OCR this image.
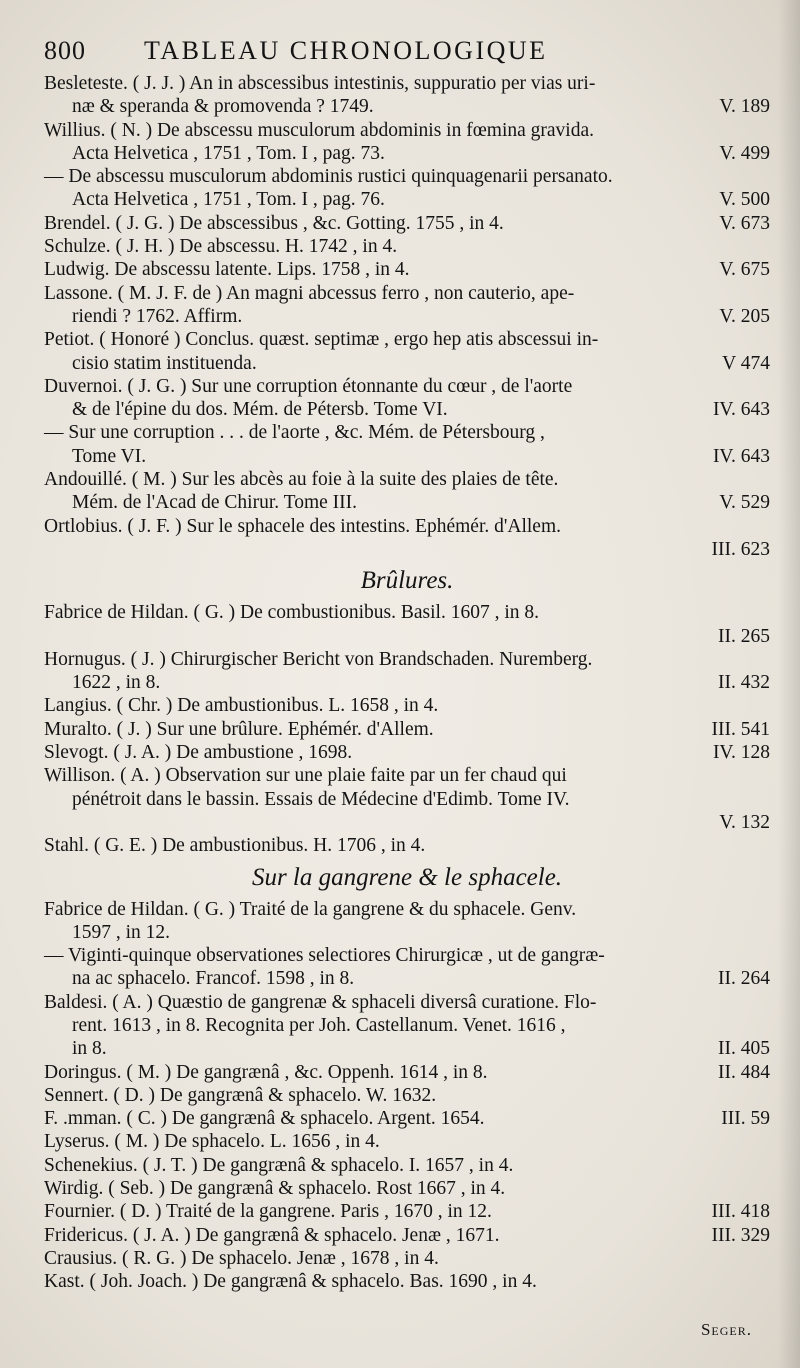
800	TABLEAU CHRONOLOGIQUE
Besleteste. ( J. J. ) An in abscessibus intestinis, suppuratio per vias uri-
næ & speranda & promovenda ? 1749.	V. 189
Willius. ( N. ) De abscessu musculorum abdominis in fœmina gravida.
Acta Helvetica , 1751 , Tom. I , pag. 73.	V. 499
— De abscessu musculorum abdominis rustici quinquagenarii persanato.
Acta Helvetica , 1751 , Tom. I , pag. 76.	V. 500
Brendel. ( J. G. ) De abscessibus , &c. Gotting. 1755 , in 4.	V. 673
Schulze. ( J. H. ) De abscessu. H. 1742 , in 4.
Ludwig. De abscessu latente. Lips. 1758 , in 4.	V. 675
Lassone. ( M. J. F. de ) An magni abcessus ferro , non cauterio, ape-
riendi ? 1762. Affirm.	V. 205
Petiot. ( Honoré ) Conclus. quæst. septimæ , ergo hep atis abscessui in-
cisio statim instituenda.	V 474
Duvernoi. ( J. G. ) Sur une corruption étonnante du cœur , de l'aorte
& de l'épine du dos. Mém. de Pétersb. Tome VI.	IV. 643
— Sur une corruption . . . de l'aorte , &c. Mém. de Pétersbourg ,
Tome VI.	IV. 643
Andouillé. ( M. ) Sur les abcès au foie à la suite des plaies de tête.
Mém. de l'Acad de Chirur. Tome III.	V. 529
Ortlobius. ( J. F. ) Sur le sphacele des intestins. Ephémér. d'Allem.
III. 623
Brûlures.
Fabrice de Hildan. ( G. ) De combustionibus. Basil. 1607 , in 8.
II. 265
Hornugus. ( J. ) Chirurgischer Bericht von Brandschaden. Nuremberg.
1622 , in 8.	II. 432
Langius. ( Chr. ) De ambustionibus. L. 1658 , in 4.
Muralto. ( J. ) Sur une brûlure. Ephémér. d'Allem.	III. 541
Slevogt. ( J. A. ) De ambustione , 1698.	IV. 128
Willison. ( A. ) Observation sur une plaie faite par un fer chaud qui
pénétroit dans le bassin. Essais de Médecine d'Edimb. Tome IV.
V. 132
Stahl. ( G. E. ) De ambustionibus. H. 1706 , in 4.
Sur la gangrene & le sphacele.
Fabrice de Hildan. ( G. ) Traité de la gangrene & du sphacele. Genv.
1597 , in 12.
— Viginti-quinque observationes selectiores Chirurgicæ , ut de gangræ-
na ac sphacelo. Francof. 1598 , in 8.	II. 264
Baldesi. ( A. ) Quæstio de gangrenæ & sphaceli diversâ curatione. Flo-
rent. 1613 , in 8. Recognita per Joh. Castellanum. Venet. 1616 ,
in 8.	II. 405
Doringus. ( M. ) De gangrænâ , &c. Oppenh. 1614 , in 8.	II. 484
Sennert. ( D. ) De gangrænâ & sphacelo. W. 1632.
F. .mman. ( C. ) De gangrænâ & sphacelo. Argent. 1654.	III. 59
Lyserus. ( M. ) De sphacelo. L. 1656 , in 4.
Schenekius. ( J. T. ) De gangrænâ & sphacelo. I. 1657 , in 4.
Wirdig. ( Seb. ) De gangrænâ & sphacelo. Rost 1667 , in 4.
Fournier. ( D. ) Traité de la gangrene. Paris , 1670 , in 12.	III. 418
Fridericus. ( J. A. ) De gangrænâ & sphacelo. Jenæ , 1671.	III. 329
Crausius. ( R. G. ) De sphacelo. Jenæ , 1678 , in 4.
Kast. ( Joh. Joach. ) De gangrænâ & sphacelo. Bas. 1690 , in 4.
Seger.
